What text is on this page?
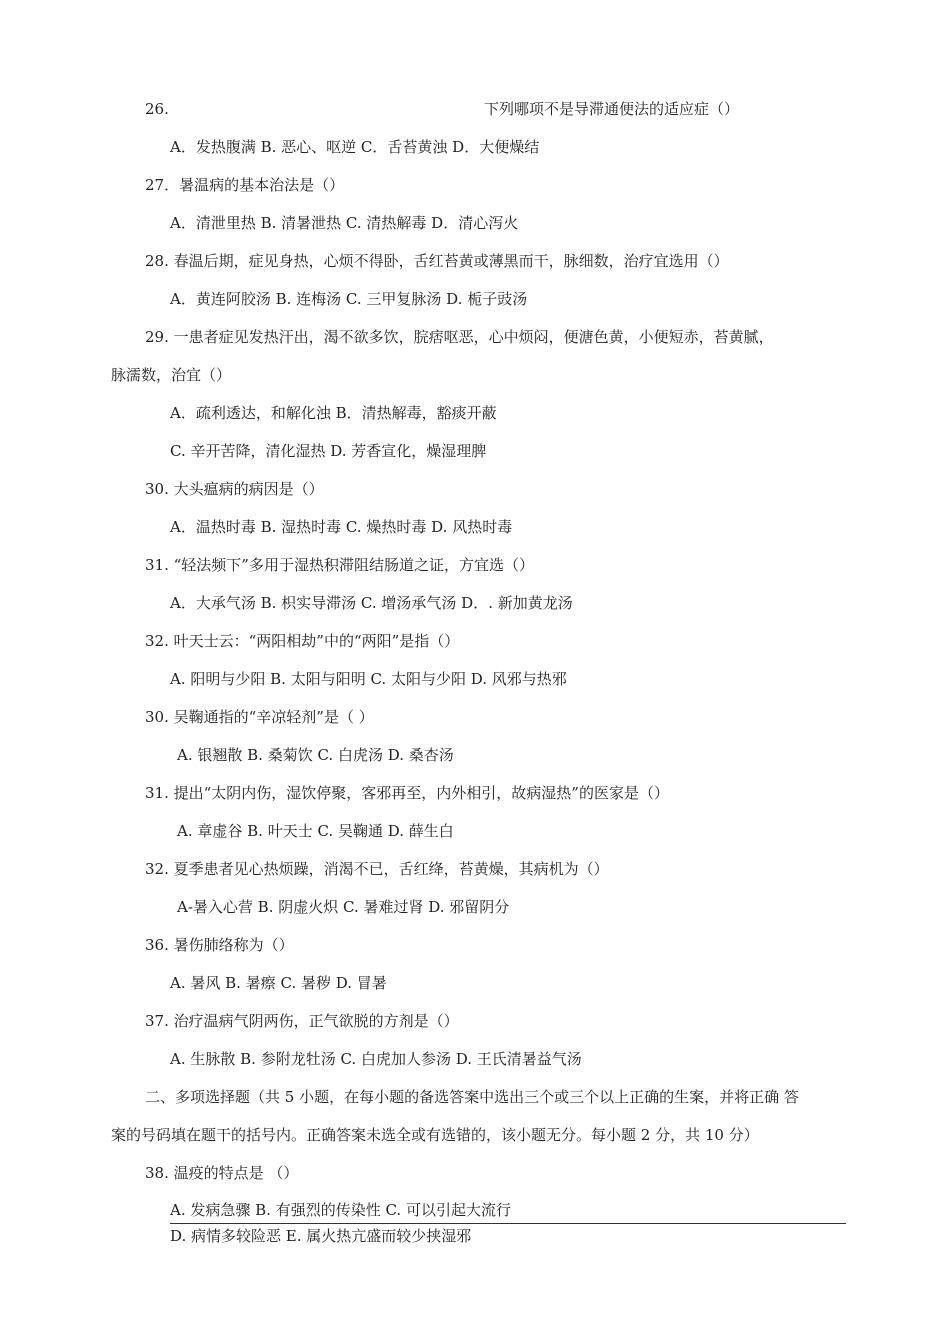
26.	下列哪项不是导滞通便法的适应症（）
A．发热腹满 B. 恶心、呕逆 C．舌苔黄浊 D．大便燥结
27．暑温病的基本治法是（）
A．清泄里热 B. 清暑泄热 C. 清热解毒 D．清心泻火
28. 春温后期，症见身热，心烦不得卧，舌红苔黄或薄黑而干，脉细数，治疗宜选用（）
A．黄连阿胶汤 B. 连梅汤 C. 三甲复脉汤 D. 栀子豉汤
29. 一患者症见发热汗出，渴不欲多饮，脘痞呕恶，心中烦闷，便溏色黄，小便短赤，苔黄腻，
脉濡数，治宜（）
A．疏利透达，和解化浊 B．清热解毒，豁痰开蔽
C. 辛开苦降，清化湿热 D. 芳香宣化，燥湿理脾
30. 大头瘟病的病因是（）
A．温热时毒 B. 湿热时毒 C. 燥热时毒 D. 风热时毒
31. “轻法频下”多用于湿热积滞阻结肠道之证，方宜选（）
A．大承气汤 B. 枳实导滞汤 C. 增汤承气汤 D．. 新加黄龙汤
32. 叶天士云：“两阳相劫”中的“两阳”是指（）
A. 阳明与少阳 B. 太阳与阳明 C. 太阳与少阳 D. 风邪与热邪
30. 吴鞠通指的“辛凉轻剂”是（ ）
A. 银翘散 B. 桑菊饮 C. 白虎汤 D. 桑杏汤
31. 提出“太阴内伤，湿饮停聚，客邪再至，内外相引，故病湿热”的医家是（）
A. 章虚谷 B. 叶天士 C. 吴鞠通 D. 薛生白
32. 夏季患者见心热烦躁，消渴不已，舌红绛，苔黄燥，其病机为（）
A-暑入心营 B. 阴虚火炽 C. 暑难过肾 D. 邪留阴分
36. 暑伤肺络称为（）
A. 暑风 B. 暑瘵 C. 暑秽 D. 冒暑
37. 治疗温病气阴两伤，正气欲脱的方剂是（）
A. 生脉散 B. 参附龙牡汤 C. 白虎加人参汤 D. 王氏清暑益气汤
二、多项选择题（共 5 小题，在每小题的备选答案中选出三个或三个以上正确的生案，并将正确 答
案的号码填在题干的括号内。正确答案未选全或有选错的，该小题无分。每小题 2 分，共 10 分）
38. 温疫的特点是 （）
A. 发病急骤 B. 有强烈的传染性 C. 可以引起大流行
D. 病情多较险恶 E. 属火热亢盛而较少挟湿邪
